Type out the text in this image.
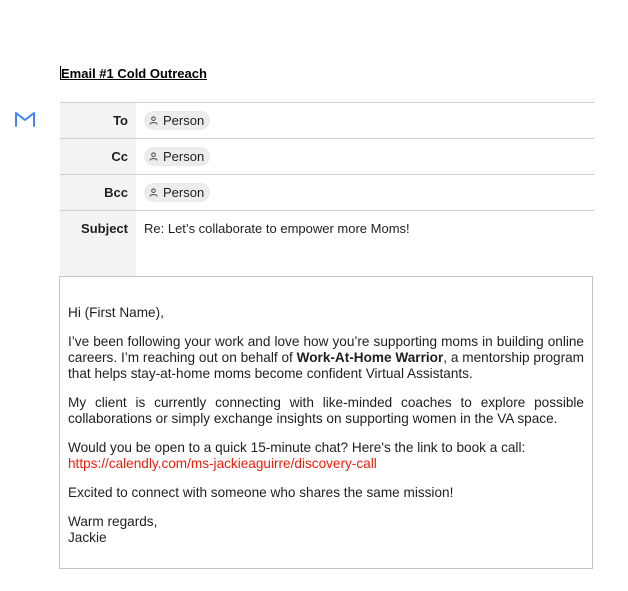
Email #1 Cold Outreach
To	Person
Cc	Person
Bcc	Person
Subject	Re: Let’s collaborate to empower more Moms!

Hi (First Name),

I’ve been following your work and love how you’re supporting moms in building online careers. I’m reaching out on behalf of Work-At-Home Warrior, a mentorship program that helps stay-at-home moms become confident Virtual Assistants.

My client is currently connecting with like-minded coaches to explore possible collaborations or simply exchange insights on supporting women in the VA space.

Would you be open to a quick 15-minute chat? Here's the link to book a call:
https://calendly.com/ms-jackieaguirre/discovery-call

Excited to connect with someone who shares the same mission!

Warm regards,
Jackie
